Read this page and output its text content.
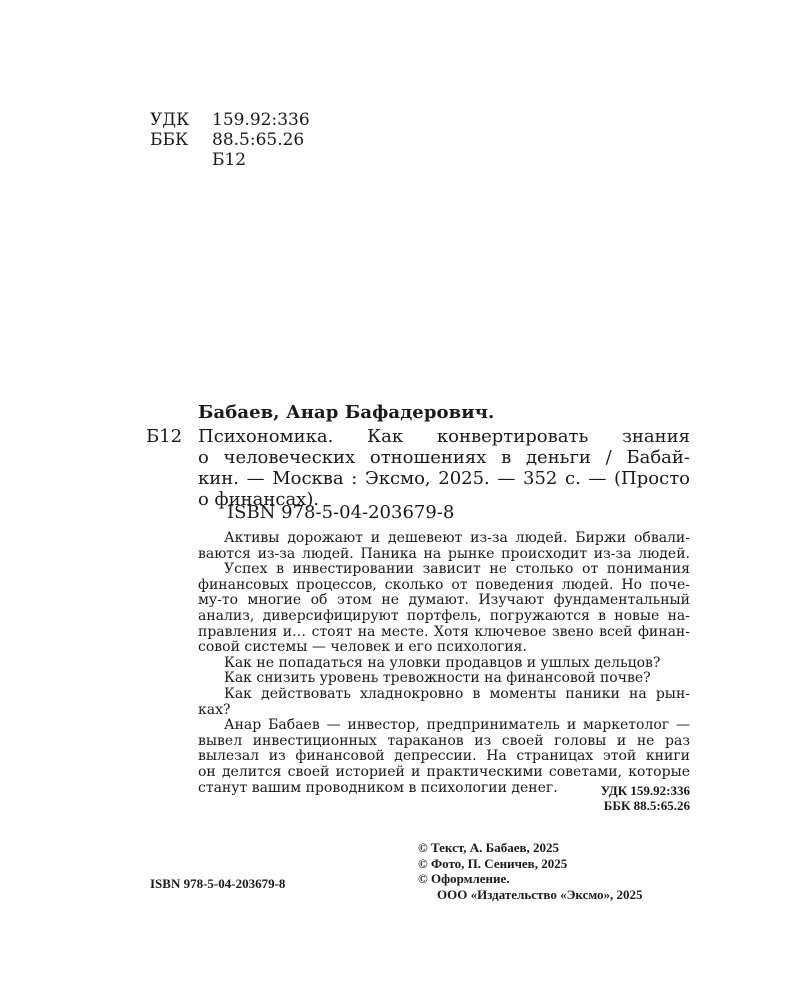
УДК 159.92:336
ББК 88.5:65.26
Б12
Бабаев, Анар Бафадерович.
Б12 Психономика. Как конвертировать знания
о человеческих отношениях в деньги / Бабай-
кин. — Москва : Эксмо, 2025. — 352 с. — (Просто
о финансах).
ISBN 978-5-04-203679-8
Активы дорожают и дешевеют из-за людей. Биржи обвали-
ваются из-за людей. Паника на рынке происходит из-за людей.
Успех в инвестировании зависит не столько от понимания
финансовых процессов, сколько от поведения людей. Но поче-
му-то многие об этом не думают. Изучают фундаментальный
анализ, диверсифицируют портфель, погружаются в новые на-
правления и… стоят на месте. Хотя ключевое звено всей финан-
совой системы — человек и его психология.
Как не попадаться на уловки продавцов и ушлых дельцов?
Как снизить уровень тревожности на финансовой почве?
Как действовать хладнокровно в моменты паники на рын-
ках?
Анар Бабаев — инвестор, предприниматель и маркетолог —
вывел инвестиционных тараканов из своей головы и не раз
вылезал из финансовой депрессии. На страницах этой книги
он делится своей историей и практическими советами, которые
станут вашим проводником в психологии денег.	УДК 159.92:336
ББК 88.5:65.26
© Текст, А. Бабаев, 2025
© Фото, П. Сеничев, 2025
© Оформление.
ООО «Издательство «Эксмо», 2025
ISBN 978-5-04-203679-8
